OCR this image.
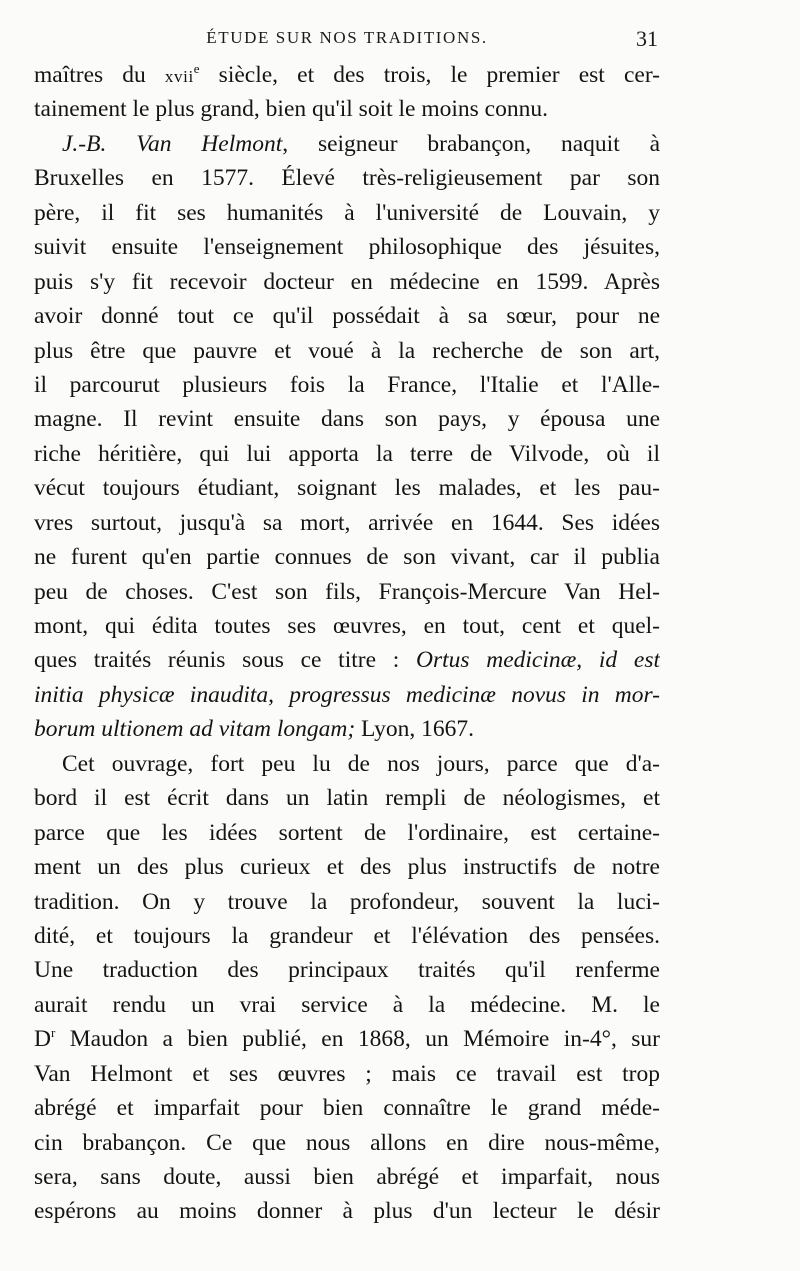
ÉTUDE SUR NOS TRADITIONS.	31
maîtres du xvii$^e$ siècle, et des trois, le premier est cer-
tainement le plus grand, bien qu'il soit le moins connu.
J.-B. Van Helmont, seigneur brabançon, naquit à
Bruxelles en 1577. Élevé très-religieusement par son
père, il fit ses humanités à l'université de Louvain, y
suivit ensuite l'enseignement philosophique des jésuites,
puis s'y fit recevoir docteur en médecine en 1599. Après
avoir donné tout ce qu'il possédait à sa sœur, pour ne
plus être que pauvre et voué à la recherche de son art,
il parcourut plusieurs fois la France, l'Italie et l'Alle-
magne. Il revint ensuite dans son pays, y épousa une
riche héritière, qui lui apporta la terre de Vilvode, où il
vécut toujours étudiant, soignant les malades, et les pau-
vres surtout, jusqu'à sa mort, arrivée en 1644. Ses idées
ne furent qu'en partie connues de son vivant, car il publia
peu de choses. C'est son fils, François-Mercure Van Hel-
mont, qui édita toutes ses œuvres, en tout, cent et quel-
ques traités réunis sous ce titre : Ortus medicinæ, id est
initia physicæ inaudita, progressus medicinæ novus in mor-
borum ultionem ad vitam longam; Lyon, 1667.
Cet ouvrage, fort peu lu de nos jours, parce que d'a-
bord il est écrit dans un latin rempli de néologismes, et
parce que les idées sortent de l'ordinaire, est certaine-
ment un des plus curieux et des plus instructifs de notre
tradition. On y trouve la profondeur, souvent la luci-
dité, et toujours la grandeur et l'élévation des pensées.
Une traduction des principaux traités qu'il renferme
aurait rendu un vrai service à la médecine. M. le
$D^r$ Maudon a bien publié, en 1868, un Mémoire in-4°, sur
Van Helmont et ses œuvres ; mais ce travail est trop
abrégé et imparfait pour bien connaître le grand méde-
cin brabançon. Ce que nous allons en dire nous-même,
sera, sans doute, aussi bien abrégé et imparfait, nous
espérons au moins donner à plus d'un lecteur le désir
